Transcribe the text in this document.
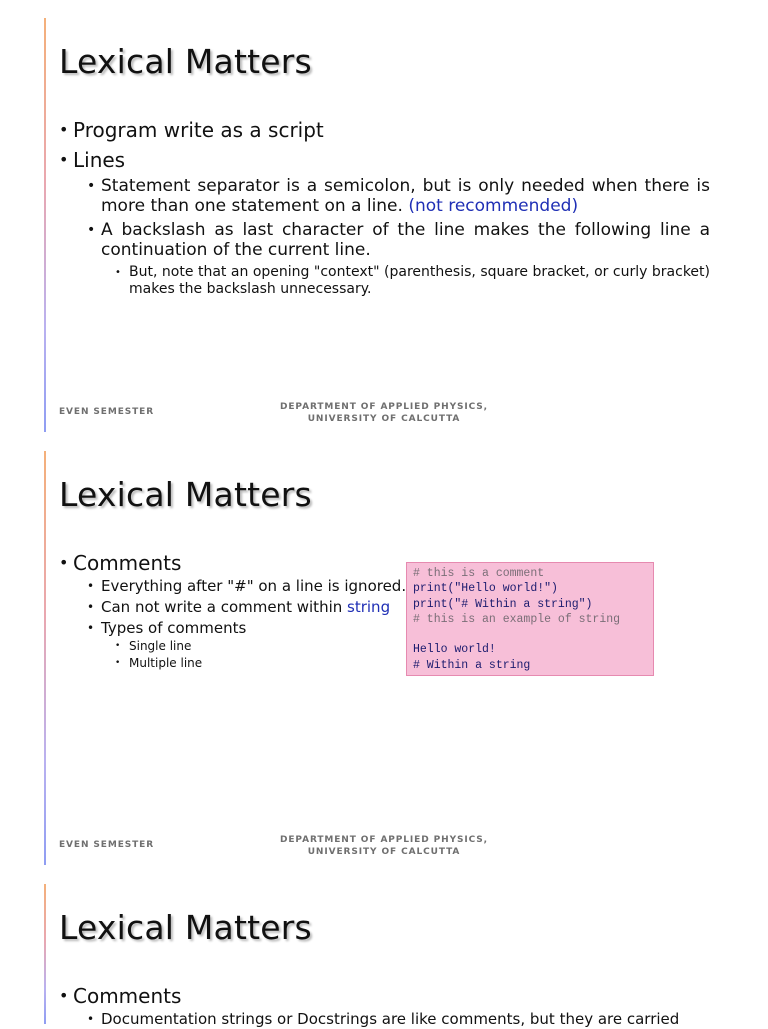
Lexical Matters
• Program write as a script
• Lines
• Statement separator is a semicolon, but is only needed when there is more than one statement on a line. (not recommended)
• A backslash as last character of the line makes the following line a continuation of the current line.
• But, note that an opening "context" (parenthesis, square bracket, or curly bracket) makes the backslash unnecessary.
EVEN SEMESTER	DEPARTMENT OF APPLIED PHYSICS,
UNIVERSITY OF CALCUTTA
Lexical Matters
• Comments
• Everything after "#" on a line is ignored.
• Can not write a comment within string
• Types of comments
• Single line
• Multiple line
# this is a comment
print("Hello world!")
print("# Within a string")
# this is an example of string
Hello world!
# Within a string
EVEN SEMESTER	DEPARTMENT OF APPLIED PHYSICS,
UNIVERSITY OF CALCUTTA
Lexical Matters
• Comments
• Documentation strings or Docstrings are like comments, but they are carried
